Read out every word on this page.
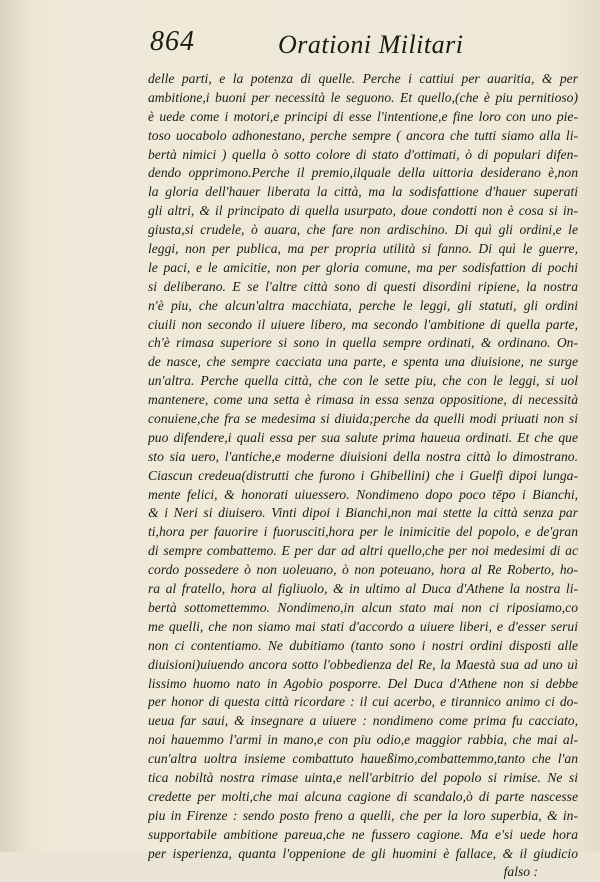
864	Orationi Militari
delle parti, e la potenza di quelle. Perche i cattiui per auaritia, & per
ambitione,i buoni per necessità le seguono. Et quello,(che è piu pernitioso)
è uede come i motori,e principi di esse l'intentione,e fine loro con uno pie-
toso uocabolo adhonestano, perche sempre ( ancora che tutti siamo alla li-
bertà nimici ) quella ò sotto colore di stato d'ottimati, ò di populari difen-
dendo opprimono.Perche il premio,ilquale della uittoria desiderano è,non
la gloria dell'hauer liberata la città, ma la sodisfattione d'hauer superati
gli altri, & il principato di quella usurpato, doue condotti non è cosa si in-
giusta,si crudele, ò auara, che fare non ardischino. Di quì gli ordini,e le
leggi, non per publica, ma per propria utilità si fanno. Di quì le guerre,
le paci, e le amicitie, non per gloria comune, ma per sodisfattion di pochi
si deliberano. E se l'altre città sono di questi disordini ripiene, la nostra
n'è piu, che alcun'altra macchiata, perche le leggi, gli statuti, gli ordini
ciuili non secondo il uiuere libero, ma secondo l'ambitione di quella parte,
ch'è rimasa superiore si sono in quella sempre ordinati, & ordinano. On-
de nasce, che sempre cacciata una parte, e spenta una diuisione, ne surge
un'altra. Perche quella città, che con le sette piu, che con le leggi, si uol
mantenere, come una setta è rimasa in essa senza oppositione, di necessità
conuiene,che fra se medesima si diuida;perche da quelli modi priuati non si
puo difendere,i quali essa per sua salute prima haueua ordinati. Et che que
sto sia uero, l'antiche,e moderne diuisioni della nostra città lo dimostrano.
Ciascun credeua(distrutti che furono i Ghibellini) che i Guelfi dipoi lunga-
mente felici, & honorati uiuessero. Nondimeno dopo poco tēpo i Bianchi,
& i Neri si diuisero. Vinti dipoi i Bianchi,non mai stette la città senza par
ti,hora per fauorire i fuorusciti,hora per le inimicitie del popolo, e de'gran
di sempre combattemo. E per dar ad altri quello,che per noi medesimi di ac
cordo possedere ò non uoleuano, ò non poteuano, hora al Re Roberto, ho-
ra al fratello, hora al figliuolo, & in ultimo al Duca d'Athene la nostra li-
bertà sottomettemmo. Nondimeno,in alcun stato mai non ci riposiamo,co
me quelli, che non siamo mai stati d'accordo a uiuere liberi, e d'esser serui
non ci contentiamo. Ne dubitiamo (tanto sono i nostri ordini disposti alle
diuisioni)uiuendo ancora sotto l'obbedienza del Re, la Maestà sua ad uno uì
lissimo huomo nato in Agobio posporre. Del Duca d'Athene non si debbe
per honor di questa città ricordare : il cui acerbo, e tirannico animo ci do-
ueua far saui, & insegnare a uiuere : nondimeno come prima fu cacciato,
noi hauemmo l'armi in mano,e con piu odio,e maggior rabbia, che mai al-
cun'altra uoltra insieme combattuto haueßimo,combattemmo,tanto che l'an
tica nobiltà nostra rimase uinta,e nell'arbitrio del popolo si rimise. Ne si
credette per molti,che mai alcuna cagione di scandalo,ò di parte nascesse
piu in Firenze : sendo posto freno a quelli, che per la loro superbia, & in-
supportabile ambitione pareua,che ne fussero cagione. Ma e'si uede hora
per isperienza, quanta l'oppenione de gli huomini è fallace, & il giudicio
falso :
